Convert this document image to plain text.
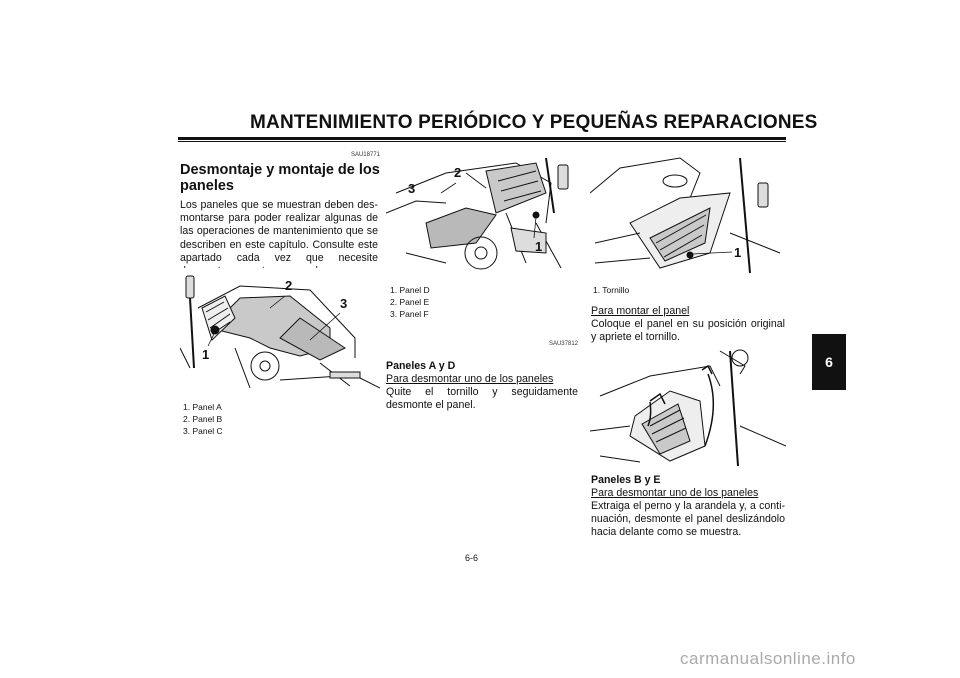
MANTENIMIENTO PERIÓDICO Y PEQUEÑAS REPARACIONES
6
SAU18771
Desmontaje y montaje de los paneles
Los paneles que se muestran deben des-montarse para poder realizar algunas de las operaciones de mantenimiento que se describen en este capítulo. Consulte este apartado cada vez que necesite
1
2
3
1. Panel A
2. Panel B
3. Panel C
3
2
1
1. Panel D
2. Panel E
3. Panel F
SAU37812
Paneles A y D
Para desmontar uno de los paneles
Quite el tornillo y seguidamente desmonte el panel.
1
1. Tornillo
Para montar el panel
Coloque el panel en su posición original y apriete el tornillo.
Paneles B y E
Para desmontar uno de los paneles
Extraiga el perno y la arandela y, a conti-nuación, desmonte el panel deslizándolo hacia delante como se muestra.
6-6
carmanualsonline.info
